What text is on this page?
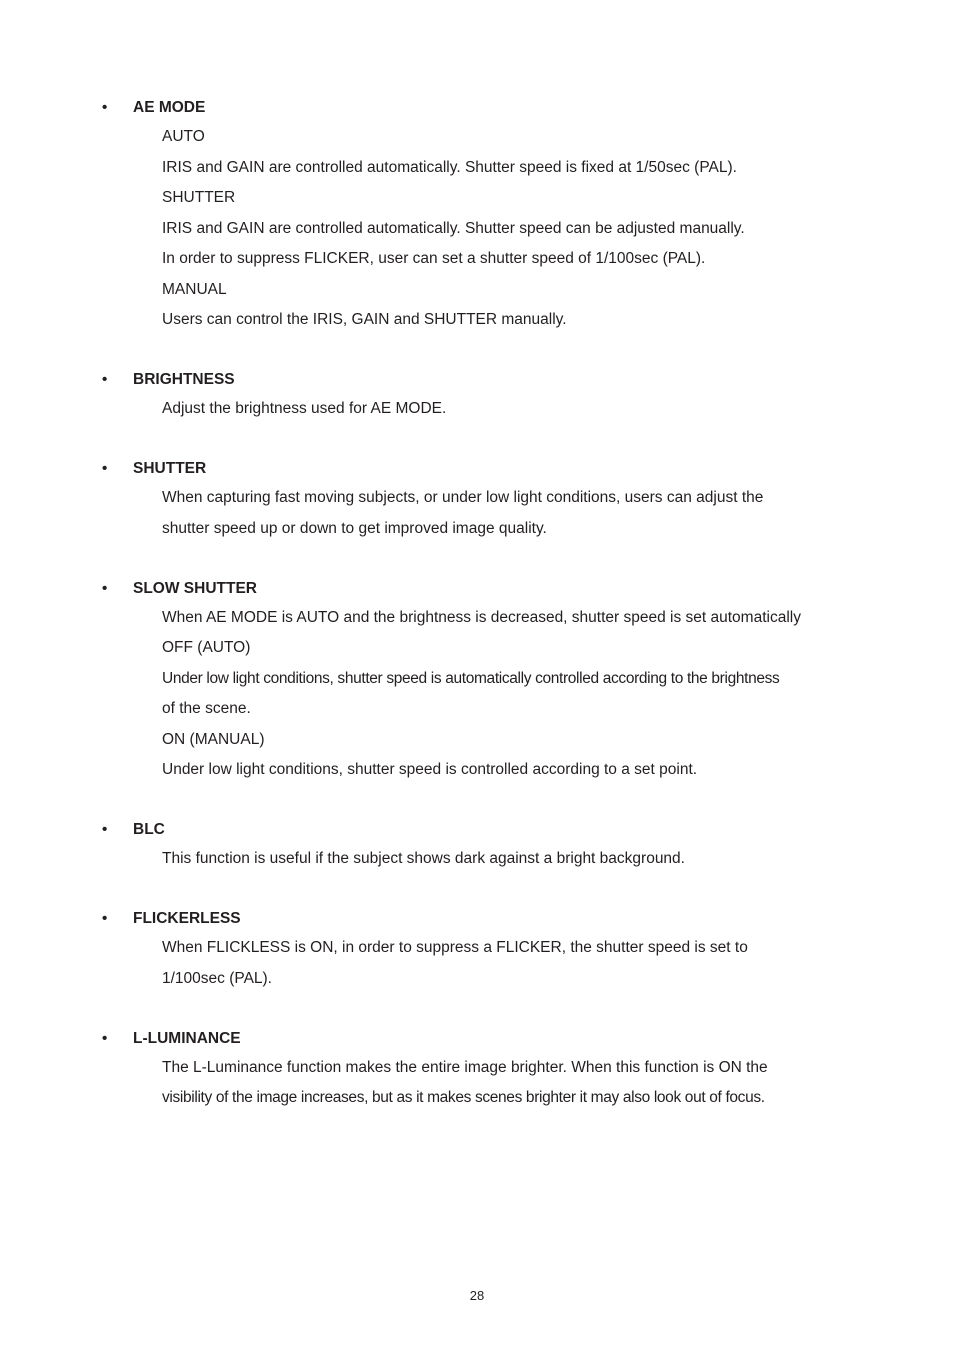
•	AE MODE
AUTO
IRIS and GAIN are controlled automatically. Shutter speed is fixed at 1/50sec (PAL).
SHUTTER
IRIS and GAIN are controlled automatically. Shutter speed can be adjusted manually.
In order to suppress FLICKER, user can set a shutter speed of 1/100sec (PAL).
MANUAL
Users can control the IRIS, GAIN and SHUTTER manually.
•	BRIGHTNESS
Adjust the brightness used for AE MODE.
•	SHUTTER
When capturing fast moving subjects, or under low light conditions, users can adjust the
shutter speed up or down to get improved image quality.
•	SLOW SHUTTER
When AE MODE is AUTO and the brightness is decreased, shutter speed is set automatically
OFF (AUTO)
Under low light conditions, shutter speed is automatically controlled according to the brightness
of the scene.
ON (MANUAL)
Under low light conditions, shutter speed is controlled according to a set point.
•	BLC
This function is useful if the subject shows dark against a bright background.
•	FLICKERLESS
When FLICKLESS is ON, in order to suppress a FLICKER, the shutter speed is set to
1/100sec (PAL).
•	L-LUMINANCE
The L-Luminance function makes the entire image brighter. When this function is ON the
visibility of the image increases, but as it makes scenes brighter it may also look out of focus.
28
